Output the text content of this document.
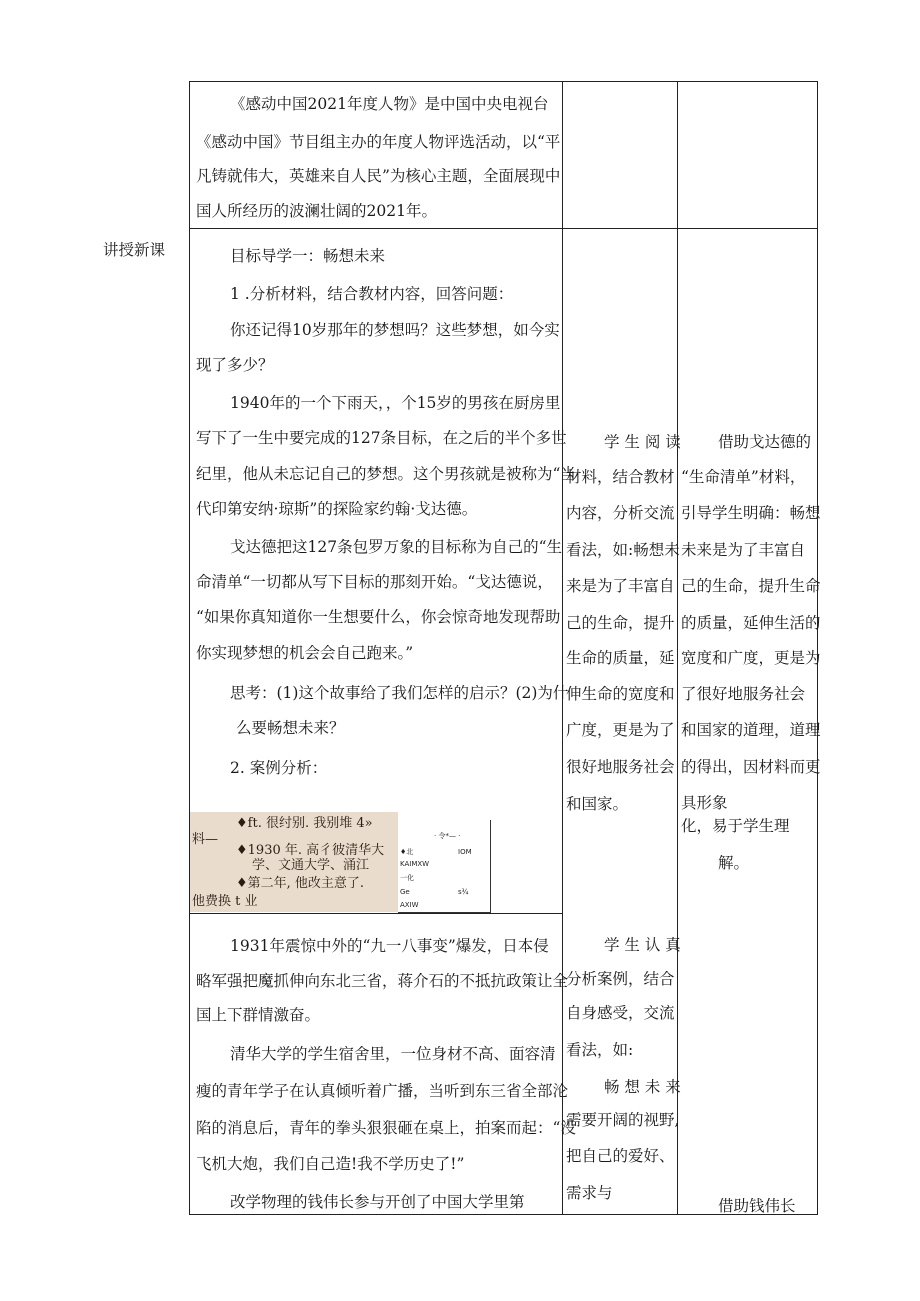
讲授新课
《感动中国2021年度人物》是中国中央电视台
《感动中国》节目组主办的年度人物评选活动，以“平
凡铸就伟大，英雄来自人民”为核心主题，全面展现中
国人所经历的波澜壮阔的2021年。
目标导学一：畅想未来
1 .分析材料，结合教材内容，回答问题：
你还记得10岁那年的梦想吗？这些梦想，如今实
现了多少？
1940年的一个下雨天，，个15岁的男孩在厨房里
写下了一生中要完成的127条目标，在之后的半个多世
纪里，他从未忘记自己的梦想。这个男孩就是被称为“当
代印第安纳·琼斯”的探险家约翰·戈达德。
戈达德把这127条包罗万象的目标称为自己的“生
命清单“一切都从写下目标的那刻开始。“戈达德说，
“如果你真知道你一生想要什么，你会惊奇地发现帮助
你实现梦想的机会会自己跑来。”
思考：(1)这个故事给了我们怎样的启示？(2)为什
么要畅想未来？
2. 案例分析：
料—
♦ft. 很纣别. 我别堆 4»
♦1930 年. 高彳彼清华大
学、文通大学、涌江
♦第二年, 他改主意了.
他费换 t 业
· 令*— ·
♦北	IOM
KAIMXW
一化
Ge	s¾
AXIW
1931年震惊中外的“九一八事变”爆发，日本侵
略军强把魔抓伸向东北三省，蒋介石的不抵抗政策让全
国上下群情激奋。
清华大学的学生宿舍里，一位身材不高、面容清
瘦的青年学子在认真倾听着广播，当听到东三省全部沦
陷的消息后，青年的拳头狠狠砸在桌上，拍案而起：“没
飞机大炮，我们自己造!我不学历史了!”
改学物理的钱伟长参与开创了中国大学里第
学 生 阅 读
材料，结合教材
内容，分析交流
看法，如:畅想未
来是为了丰富自
己的生命，提升
生命的质量，延
伸生命的宽度和
广度，更是为了
很好地服务社会
和国家。
学 生 认 真
分析案例，结合
自身感受，交流
看法，如:
畅 想 未 来
需要开阔的视野,
把自己的爱好、
需求与
借助戈达德的
“生命清单”材料，
引导学生明确：畅想
未来是为了丰富自
己的生命，提升生命
的质量，延伸生活的
宽度和广度，更是为
了很好地服务社会
和国家的道理，道理
的得出，因材料而更
具形象
化，易于学生理
解。
借助钱伟长
